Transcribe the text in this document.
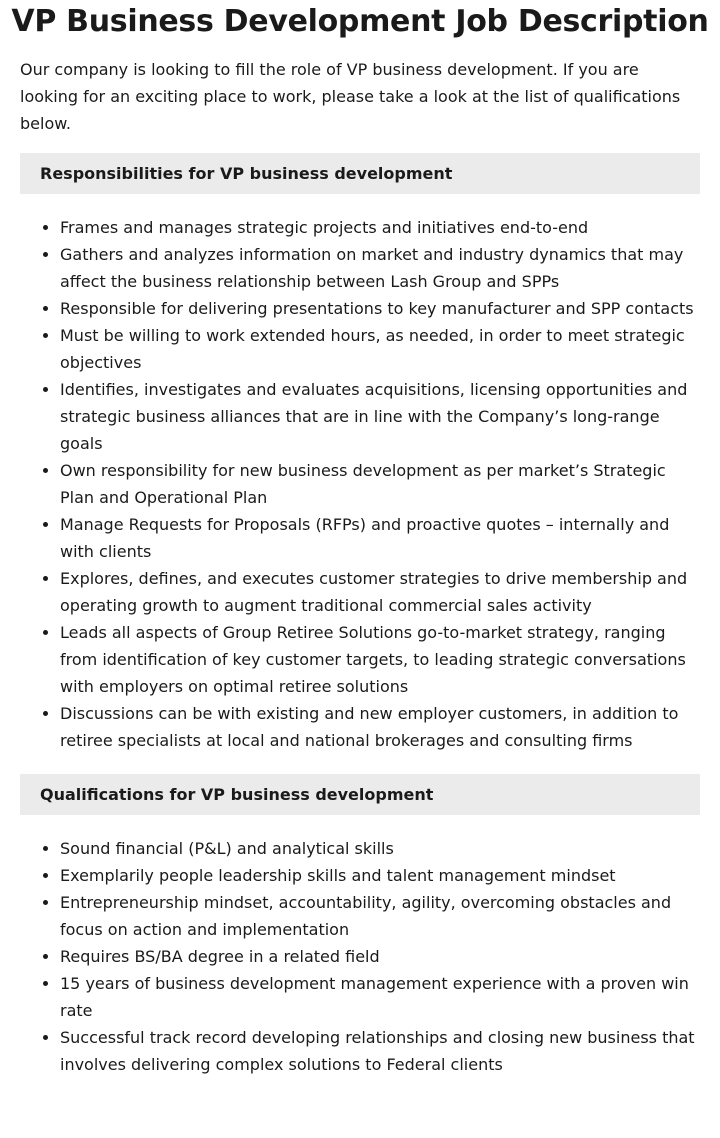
VP Business Development Job Description

Our company is looking to fill the role of VP business development. If you are looking for an exciting place to work, please take a look at the list of qualifications below.

Responsibilities for VP business development
• Frames and manages strategic projects and initiatives end-to-end
• Gathers and analyzes information on market and industry dynamics that may affect the business relationship between Lash Group and SPPs
• Responsible for delivering presentations to key manufacturer and SPP contacts
• Must be willing to work extended hours, as needed, in order to meet strategic objectives
• Identifies, investigates and evaluates acquisitions, licensing opportunities and strategic business alliances that are in line with the Company’s long-range goals
• Own responsibility for new business development as per market’s Strategic Plan and Operational Plan
• Manage Requests for Proposals (RFPs) and proactive quotes – internally and with clients
• Explores, defines, and executes customer strategies to drive membership and operating growth to augment traditional commercial sales activity
• Leads all aspects of Group Retiree Solutions go-to-market strategy, ranging from identification of key customer targets, to leading strategic conversations with employers on optimal retiree solutions
• Discussions can be with existing and new employer customers, in addition to retiree specialists at local and national brokerages and consulting firms
Qualifications for VP business development
• Sound financial (P&L) and analytical skills
• Exemplarily people leadership skills and talent management mindset
• Entrepreneurship mindset, accountability, agility, overcoming obstacles and focus on action and implementation
• Requires BS/BA degree in a related field
• 15 years of business development management experience with a proven win rate
• Successful track record developing relationships and closing new business that involves delivering complex solutions to Federal clients
